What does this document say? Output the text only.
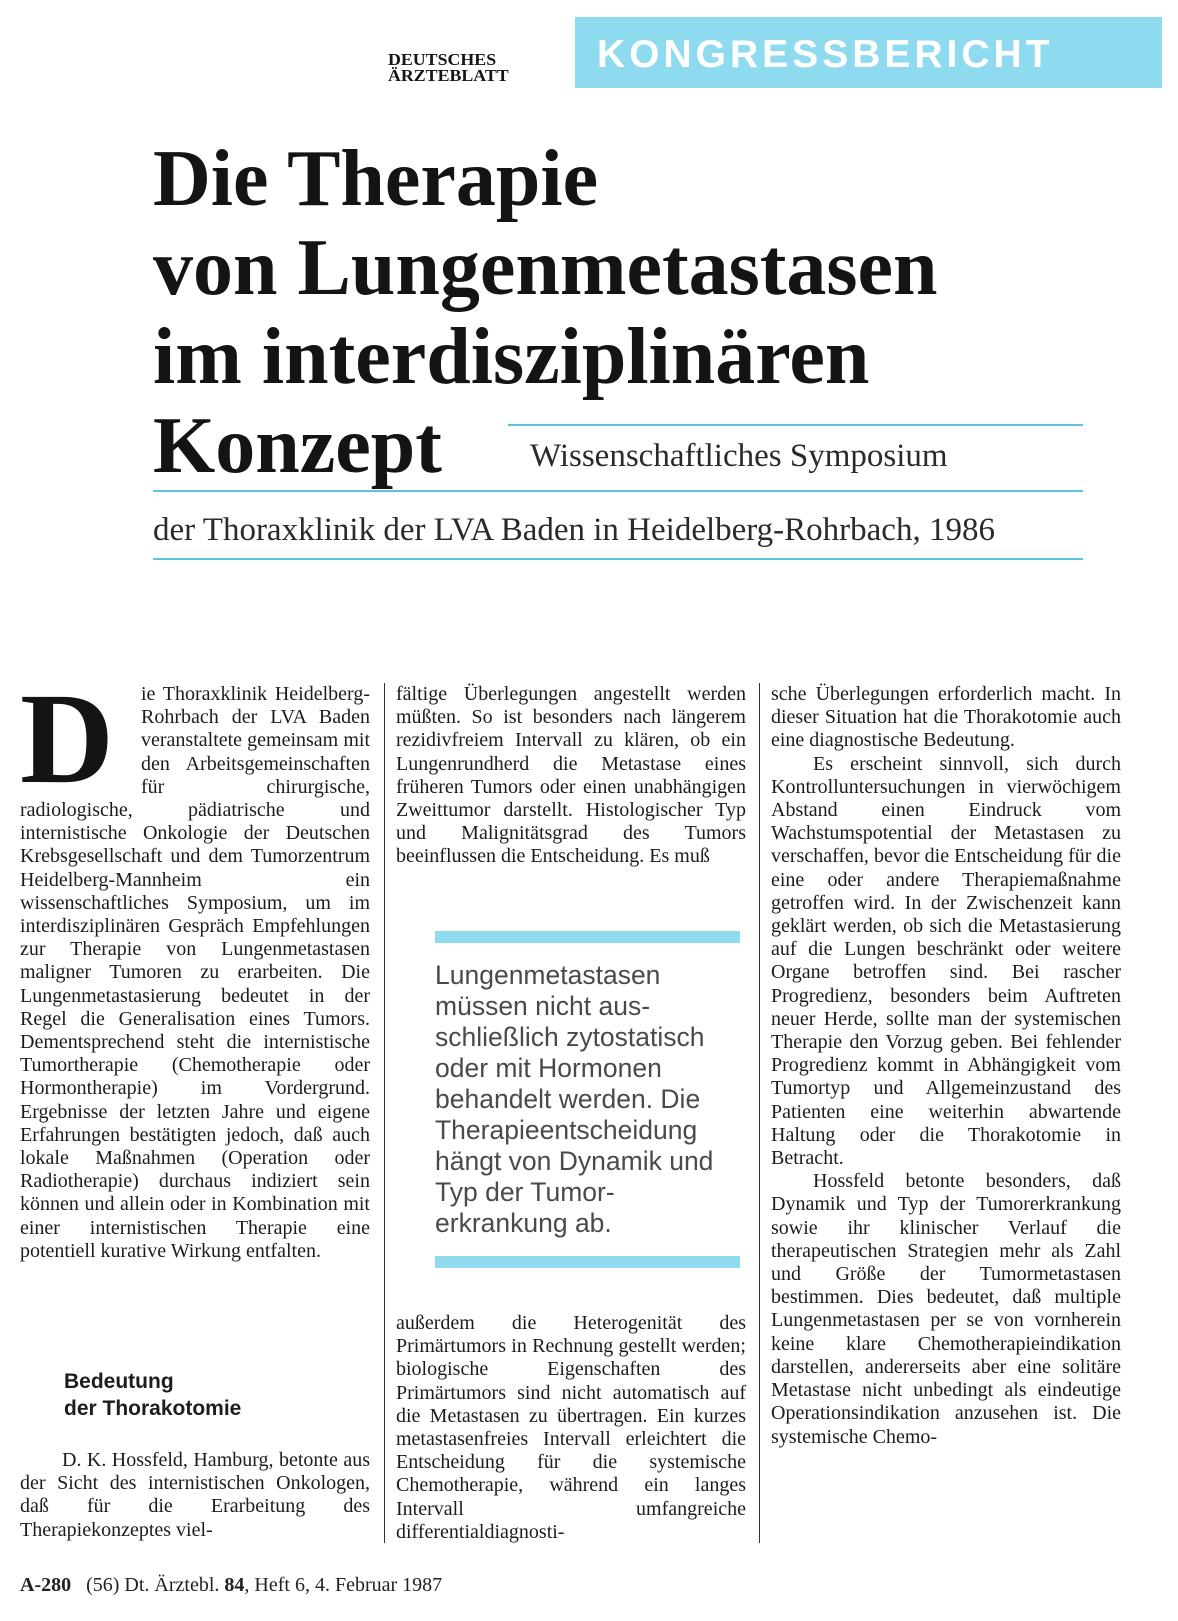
DEUTSCHES
ÄRZTEBLATT	KONGRESSBERICHT
Die Therapie
von Lungenmetastasen
im interdisziplinären
Konzept	Wissenschaftliches Symposium
der Thoraxklinik der LVA Baden in Heidelberg-Rohrbach, 1986
D	ie Thoraxklinik Heidelberg-Rohrbach der LVA Baden veranstaltete gemeinsam mit den Arbeitsgemeinschaften für chirurgische, radiologische, pädiatrische und internistische Onkologie der Deutschen Krebsgesellschaft und dem Tumorzentrum Heidelberg-Mannheim ein wissenschaftliches Symposium, um im interdisziplinären Gespräch Empfehlungen zur Therapie von Lungenmetastasen maligner Tumoren zu erarbeiten. Die Lungenmetastasierung bedeutet in der Regel die Generalisation eines Tumors. Dementsprechend steht die internistische Tumortherapie (Chemotherapie oder Hormontherapie) im Vordergrund. Ergebnisse der letzten Jahre und eigene Erfahrungen bestätigten jedoch, daß auch lokale Maßnahmen (Operation oder Radiotherapie) durchaus indiziert sein können und allein oder in Kombination mit einer internistischen Therapie eine potentiell kurative Wirkung entfalten.

Bedeutung
der Thorakotomie

D. K. Hossfeld, Hamburg, betonte aus der Sicht des internistischen Onkologen, daß für die Erarbeitung des Therapiekonzeptes viel-

fältige Überlegungen angestellt werden müßten. So ist besonders nach längerem rezidivfreiem Intervall zu klären, ob ein Lungenrundherd die Metastase eines früheren Tumors oder einen unabhängigen Zweittumor darstellt. Histologischer Typ und Malignitätsgrad des Tumors beeinflussen die Entscheidung. Es muß

Lungenmetastasen
müssen nicht aus-
schließlich zytostatisch
oder mit Hormonen
behandelt werden. Die
Therapieentscheidung
hängt von Dynamik und
Typ der Tumor-
erkrankung ab.

außerdem die Heterogenität des Primärtumors in Rechnung gestellt werden; biologische Eigenschaften des Primärtumors sind nicht automatisch auf die Metastasen zu übertragen. Ein kurzes metastasenfreies Intervall erleichtert die Entscheidung für die systemische Chemotherapie, während ein langes Intervall umfangreiche differentialdiagnosti-

sche Überlegungen erforderlich macht. In dieser Situation hat die Thorakotomie auch eine diagnostische Bedeutung.

Es erscheint sinnvoll, sich durch Kontrolluntersuchungen in vierwöchigem Abstand einen Eindruck vom Wachstumspotential der Metastasen zu verschaffen, bevor die Entscheidung für die eine oder andere Therapiemaßnahme getroffen wird. In der Zwischenzeit kann geklärt werden, ob sich die Metastasierung auf die Lungen beschränkt oder weitere Organe betroffen sind. Bei rascher Progredienz, besonders beim Auftreten neuer Herde, sollte man der systemischen Therapie den Vorzug geben. Bei fehlender Progredienz kommt in Abhängigkeit vom Tumortyp und Allgemeinzustand des Patienten eine weiterhin abwartende Haltung oder die Thorakotomie in Betracht.

Hossfeld betonte besonders, daß Dynamik und Typ der Tumorerkrankung sowie ihr klinischer Verlauf die therapeutischen Strategien mehr als Zahl und Größe der Tumormetastasen bestimmen. Dies bedeutet, daß multiple Lungenmetastasen per se von vornherein keine klare Chemotherapieindikation darstellen, andererseits aber eine solitäre Metastase nicht unbedingt als eindeutige Operationsindikation anzusehen ist. Die systemische Chemo-

A-280 (56) Dt. Ärztebl. 84, Heft 6, 4. Februar 1987
